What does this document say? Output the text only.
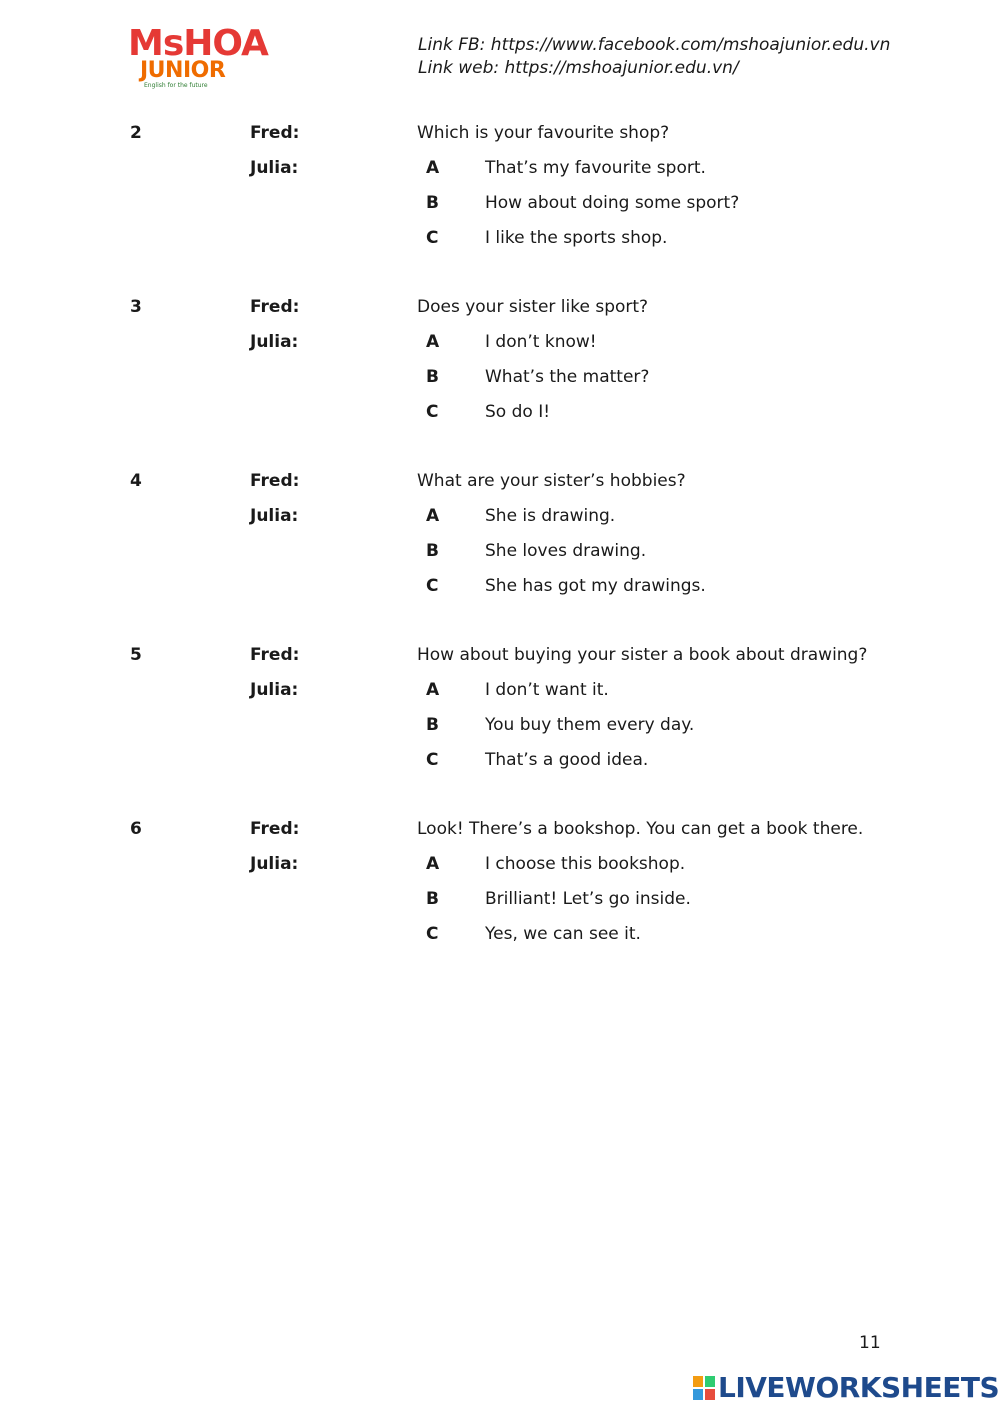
MsHOA
JUNIOR
English for the future
Link FB: https://www.facebook.com/mshoajunior.edu.vn
Link web: https://mshoajunior.edu.vn/
2	Fred:	Which is your favourite shop?
Julia:	A	That’s my favourite sport.
B	How about doing some sport?
C	I like the sports shop.
3	Fred:	Does your sister like sport?
Julia:	A	I don’t know!
B	What’s the matter?
C	So do I!
4	Fred:	What are your sister’s hobbies?
Julia:	A	She is drawing.
B	She loves drawing.
C	She has got my drawings.
5	Fred:	How about buying your sister a book about drawing?
Julia:	A	I don’t want it.
B	You buy them every day.
C	That’s a good idea.
6	Fred:	Look! There’s a bookshop. You can get a book there.
Julia:	A	I choose this bookshop.
B	Brilliant! Let’s go inside.
C	Yes, we can see it.
11
LIVEWORKSHEETS
